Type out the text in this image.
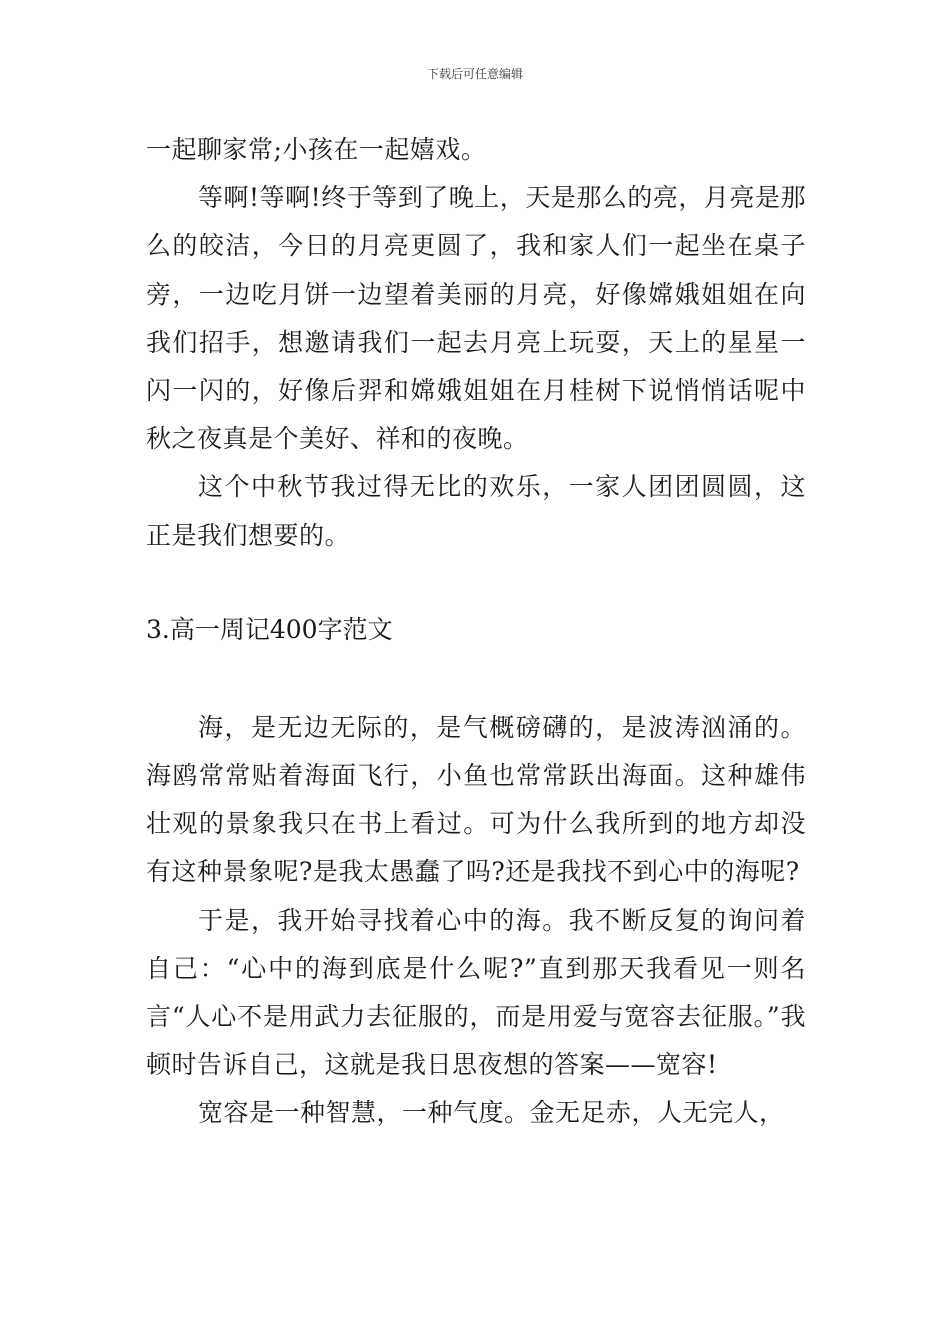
下载后可任意编辑

一起聊家常;小孩在一起嬉戏。

等啊!等啊!终于等到了晚上，天是那么的亮，月亮是那么的皎洁，今日的月亮更圆了，我和家人们一起坐在桌子旁，一边吃月饼一边望着美丽的月亮，好像嫦娥姐姐在向我们招手，想邀请我们一起去月亮上玩耍，天上的星星一闪一闪的，好像后羿和嫦娥姐姐在月桂树下说悄悄话呢中秋之夜真是个美好、祥和的夜晚。

这个中秋节我过得无比的欢乐，一家人团团圆圆，这正是我们想要的。

3.高一周记400字范文

海，是无边无际的，是气概磅礴的，是波涛汹涌的。海鸥常常贴着海面飞行，小鱼也常常跃出海面。这种雄伟壮观的景象我只在书上看过。可为什么我所到的地方却没有这种景象呢?是我太愚蠢了吗?还是我找不到心中的海呢?

于是，我开始寻找着心中的海。我不断反复的询问着自己：“心中的海到底是什么呢?”直到那天我看见一则名言“人心不是用武力去征服的，而是用爱与宽容去征服。”我顿时告诉自己，这就是我日思夜想的答案——宽容!

宽容是一种智慧，一种气度。金无足赤，人无完人，
